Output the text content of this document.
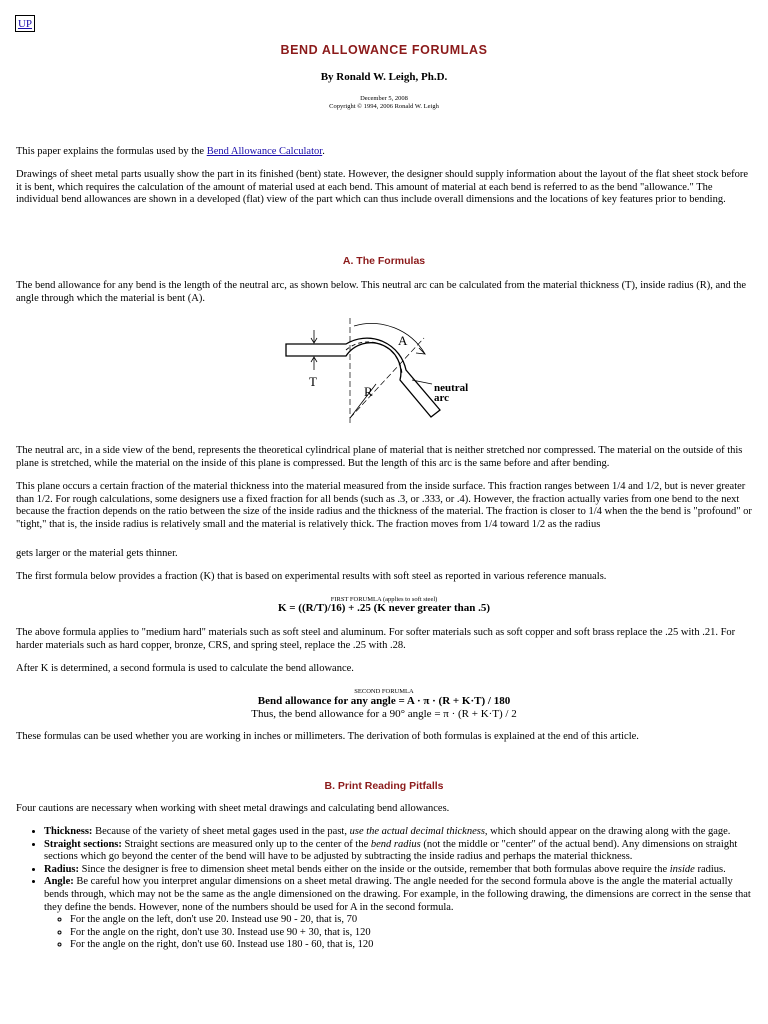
UP
BEND ALLOWANCE FORUMLAS
By Ronald W. Leigh, Ph.D.
December 5, 2008
Copyright © 1994, 2006 Ronald W. Leigh

This paper explains the formulas used by the Bend Allowance Calculator.

Drawings of sheet metal parts usually show the part in its finished (bent) state. However, the designer should supply information about the layout of the flat sheet stock before it is bent, which requires the calculation of the amount of material used at each bend. This amount of material at each bend is referred to as the bend "allowance." The individual bend allowances are shown in a developed (flat) view of the part which can thus include overall dimensions and the locations of key features prior to bending.

A. The Formulas

The bend allowance for any bend is the length of the neutral arc, as shown below. This neutral arc can be calculated from the material thickness (T), inside radius (R), and the angle through which the material is bent (A).

The neutral arc, in a side view of the bend, represents the theoretical cylindrical plane of material that is neither stretched nor compressed. The material on the outside of this plane is stretched, while the material on the inside of this plane is compressed. But the length of this arc is the same before and after bending.

This plane occurs a certain fraction of the material thickness into the material measured from the inside surface. This fraction ranges between 1/4 and 1/2, but is never greater than 1/2. For rough calculations, some designers use a fixed fraction for all bends (such as .3, or .333, or .4). However, the fraction actually varies from one bend to the next because the fraction depends on the ratio between the size of the inside radius and the thickness of the material. The fraction is closer to 1/4 when the the bend is "profound" or "tight," that is, the inside radius is relatively small and the material is relatively thick. The fraction moves from 1/4 toward 1/2 as the radius

gets larger or the material gets thinner.

The first formula below provides a fraction (K) that is based on experimental results with soft steel as reported in various reference manuals.

FIRST FORUMLA (applies to soft steel)
K = ((R/T)/16) + .25 (K never greater than .5)

The above formula applies to "medium hard" materials such as soft steel and aluminum. For softer materials such as soft copper and soft brass replace the .25 with .21. For harder materials such as hard copper, bronze, CRS, and spring steel, replace the .25 with .28.

After K is determined, a second formula is used to calculate the bend allowance.

SECOND FORUMLA
Bend allowance for any angle = A · π · (R + K·T) / 180
Thus, the bend allowance for a 90° angle = π · (R + K·T) / 2

These formulas can be used whether you are working in inches or millimeters. The derivation of both formulas is explained at the end of this article.

B. Print Reading Pitfalls

Four cautions are necessary when working with sheet metal drawings and calculating bend allowances.

• Thickness: Because of the variety of sheet metal gages used in the past, use the actual decimal thickness, which should appear on the drawing along with the gage.
• Straight sections: Straight sections are measured only up to the center of the bend radius (not the middle or "center" of the actual bend). Any dimensions on straight sections which go beyond the center of the bend will have to be adjusted by subtracting the inside radius and perhaps the material thickness.
• Radius: Since the designer is free to dimension sheet metal bends either on the inside or the outside, remember that both formulas above require the inside radius.
• Angle: Be careful how you interpret angular dimensions on a sheet metal drawing. The angle needed for the second formula above is the angle the material actually bends through, which may not be the same as the angle dimensioned on the drawing. For example, in the following drawing, the dimensions are correct in the sense that they define the bends. However, none of the numbers should be used for A in the second formula.
◦ For the angle on the left, don't use 20. Instead use 90 - 20, that is, 70
◦ For the angle on the right, don't use 30. Instead use 90 + 30, that is, 120
◦ For the angle on the right, don't use 60. Instead use 180 - 60, that is, 120
A
T
R	neutral
arc
